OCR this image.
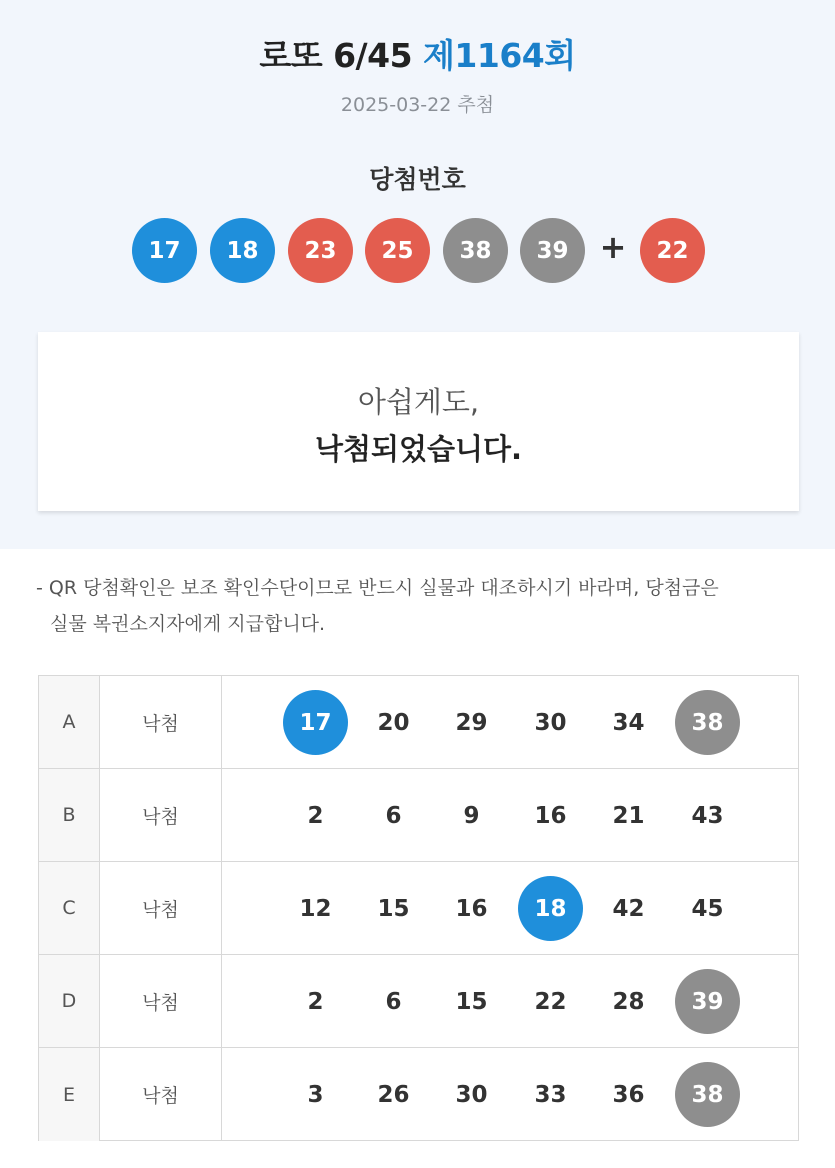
로또 6/45 제1164회
2025-03-22 추첨
당첨번호
17	18	23	25	38	39 +	22
아쉽게도,
낙첨되었습니다.
- QR 당첨확인은 보조 확인수단이므로 반드시 실물과 대조하시기 바라며, 당첨금은
실물 복권소지자에게 지급합니다.
A	낙첨	17	20	29	30	34	38
B	낙첨	2	6	9	16	21	43
C	낙첨	12	15	16	18	42	45
D	낙첨	2	6	15	22	28	39
E	낙첨	3	26	30	33	36	38
